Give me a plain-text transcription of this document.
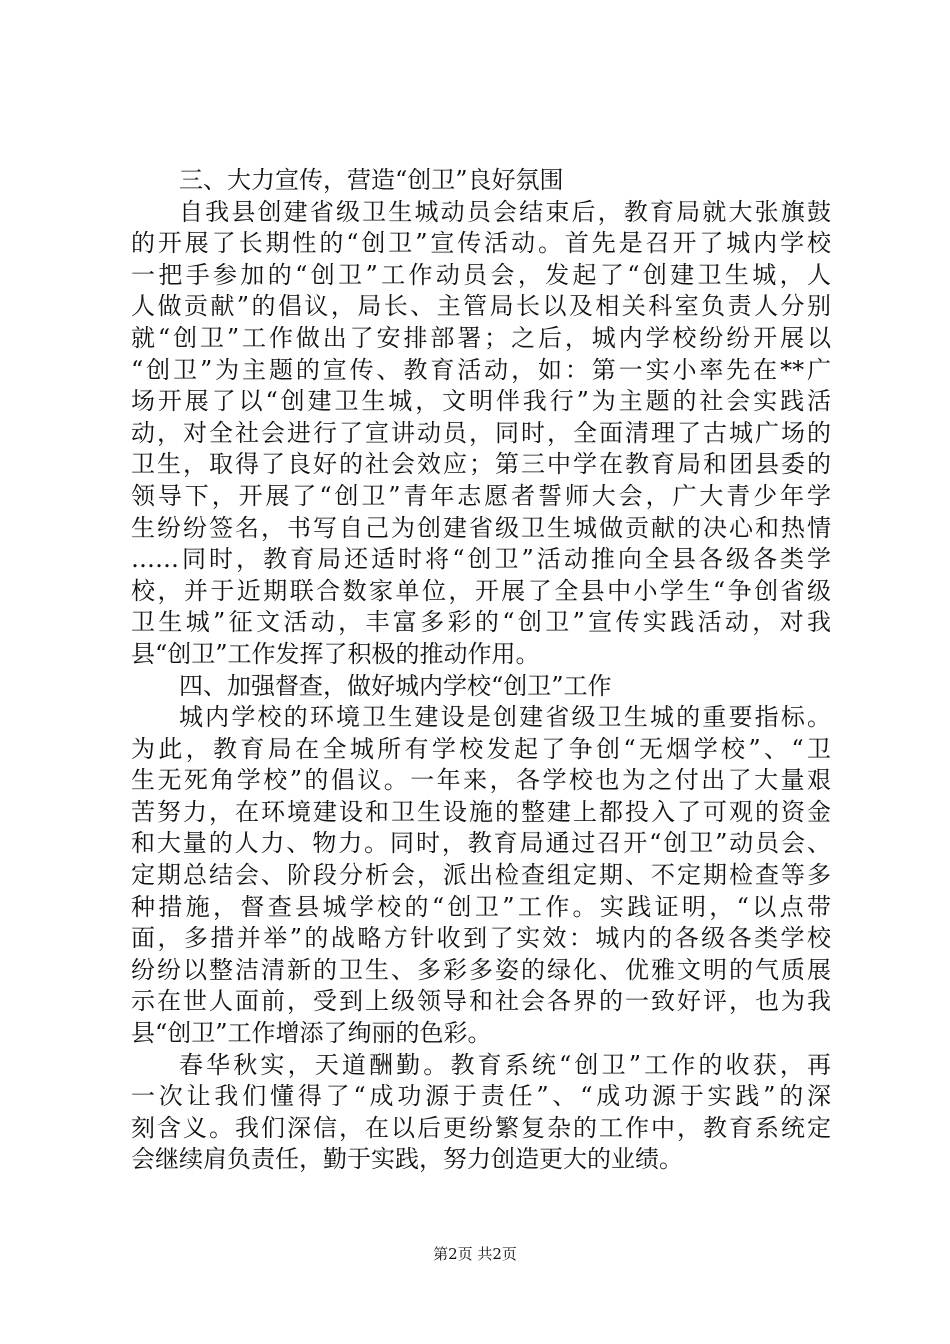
三、大力宣传，营造“创卫”良好氛围
自我县创建省级卫生城动员会结束后，教育局就大张旗鼓
的开展了长期性的“创卫”宣传活动。首先是召开了城内学校
一把手参加的“创卫”工作动员会，发起了“创建卫生城，人
人做贡献”的倡议，局长、主管局长以及相关科室负责人分别
就“创卫”工作做出了安排部署；之后，城内学校纷纷开展以
“创卫”为主题的宣传、教育活动，如：第一实小率先在**广
场开展了以“创建卫生城，文明伴我行”为主题的社会实践活
动，对全社会进行了宣讲动员，同时，全面清理了古城广场的
卫生，取得了良好的社会效应；第三中学在教育局和团县委的
领导下，开展了“创卫”青年志愿者誓师大会，广大青少年学
生纷纷签名，书写自己为创建省级卫生城做贡献的决心和热情
……同时，教育局还适时将“创卫”活动推向全县各级各类学
校，并于近期联合数家单位，开展了全县中小学生“争创省级
卫生城”征文活动，丰富多彩的“创卫”宣传实践活动，对我
县“创卫”工作发挥了积极的推动作用。
四、加强督查，做好城内学校“创卫”工作
城内学校的环境卫生建设是创建省级卫生城的重要指标。
为此，教育局在全城所有学校发起了争创“无烟学校”、“卫
生无死角学校”的倡议。一年来，各学校也为之付出了大量艰
苦努力，在环境建设和卫生设施的整建上都投入了可观的资金
和大量的人力、物力。同时，教育局通过召开“创卫”动员会、
定期总结会、阶段分析会，派出检查组定期、不定期检查等多
种措施，督查县城学校的“创卫”工作。实践证明，“以点带
面，多措并举”的战略方针收到了实效：城内的各级各类学校
纷纷以整洁清新的卫生、多彩多姿的绿化、优雅文明的气质展
示在世人面前，受到上级领导和社会各界的一致好评，也为我
县“创卫”工作增添了绚丽的色彩。
春华秋实，天道酬勤。教育系统“创卫”工作的收获，再
一次让我们懂得了“成功源于责任”、“成功源于实践”的深
刻含义。我们深信，在以后更纷繁复杂的工作中，教育系统定
会继续肩负责任，勤于实践，努力创造更大的业绩。
第2页 共2页
